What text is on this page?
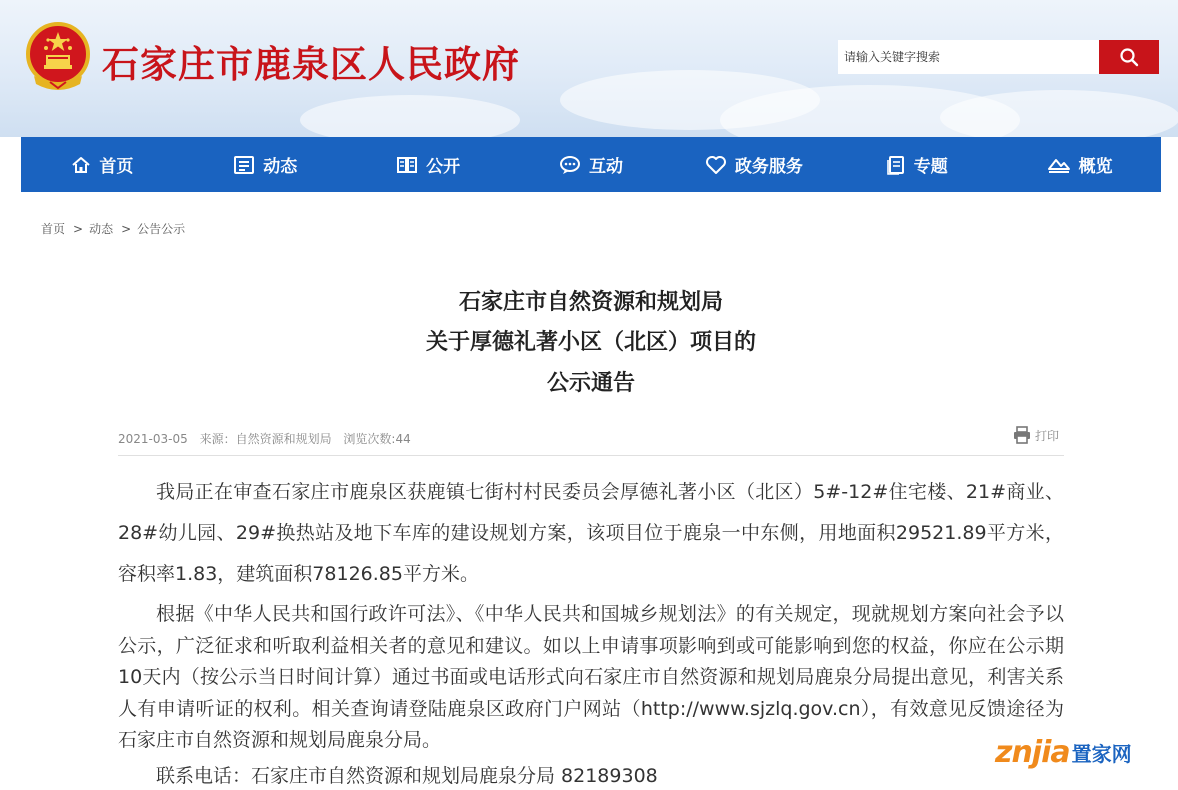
石家庄市鹿泉区人民政府
请输入关键字搜索
首页	动态	公开	互动	政务服务	专题	概览
首页 > 动态 > 公告公示
石家庄市自然资源和规划局
关于厚德礼著小区（北区）项目的
公示通告
2021-03-05 来源：自然资源和规划局 浏览次数:44	打印

我局正在审查石家庄市鹿泉区获鹿镇七街村村民委员会厚德礼著小区（北区）5#-12#住宅楼、21#商业、28#幼儿园、29#换热站及地下车库的建设规划方案，该项目位于鹿泉一中东侧，用地面积29521.89平方米，容积率1.83，建筑面积78126.85平方米。

根据《中华人民共和国行政许可法》、《中华人民共和国城乡规划法》的有关规定，现就规划方案向社会予以公示，广泛征求和听取利益相关者的意见和建议。如以上申请事项影响到或可能影响到您的权益，你应在公示期10天内（按公示当日时间计算）通过书面或电话形式向石家庄市自然资源和规划局鹿泉分局提出意见，利害关系人有申请听证的权利。相关查询请登陆鹿泉区政府门户网站（http://www.sjzlq.gov.cn），有效意见反馈途径为石家庄市自然资源和规划局鹿泉分局。

联系电话：石家庄市自然资源和规划局鹿泉分局 82189308

znjia 置家网
